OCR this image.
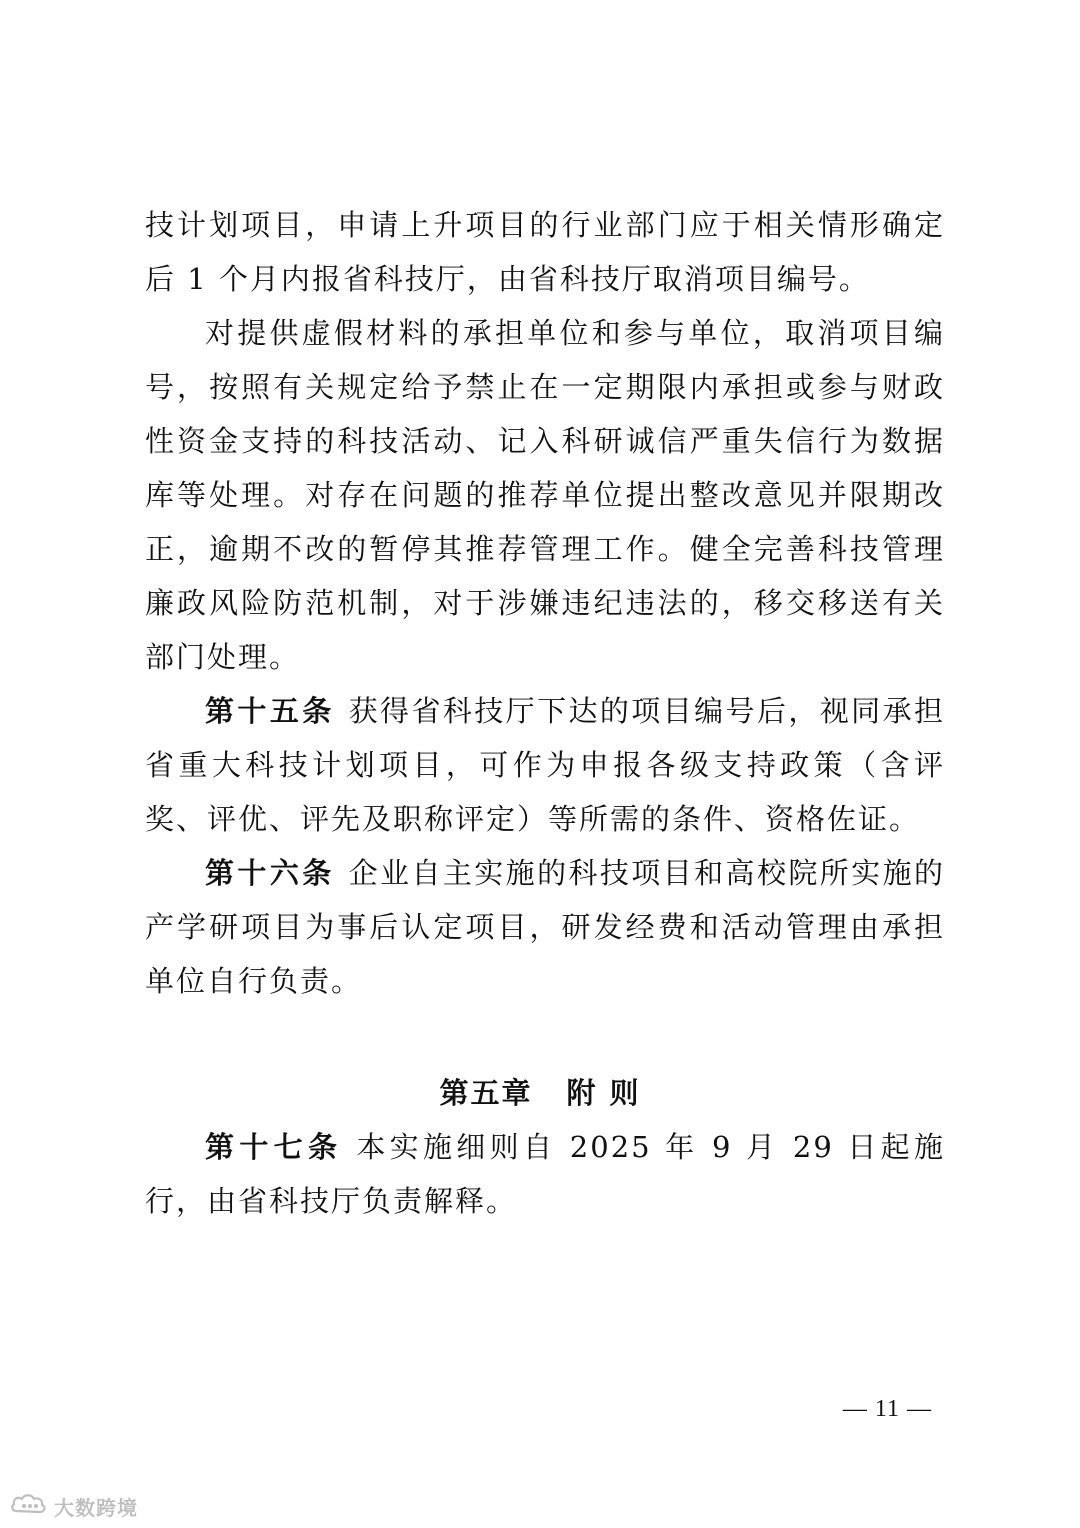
技计划项目，申请上升项目的行业部门应于相关情形确定后 1 个月内报省科技厅，由省科技厅取消项目编号。

对提供虚假材料的承担单位和参与单位，取消项目编号，按照有关规定给予禁止在一定期限内承担或参与财政性资金支持的科技活动、记入科研诚信严重失信行为数据库等处理。对存在问题的推荐单位提出整改意见并限期改正，逾期不改的暂停其推荐管理工作。健全完善科技管理廉政风险防范机制，对于涉嫌违纪违法的，移交移送有关部门处理。

第十五条 获得省科技厅下达的项目编号后，视同承担省重大科技计划项目，可作为申报各级支持政策（含评奖、评优、评先及职称评定）等所需的条件、资格佐证。

第十六条 企业自主实施的科技项目和高校院所实施的产学研项目为事后认定项目，研发经费和活动管理由承担单位自行负责。

第五章 附 则

第十七条 本实施细则自 2025 年 9 月 29 日起施行，由省科技厅负责解释。

— 11 —
大数跨境
